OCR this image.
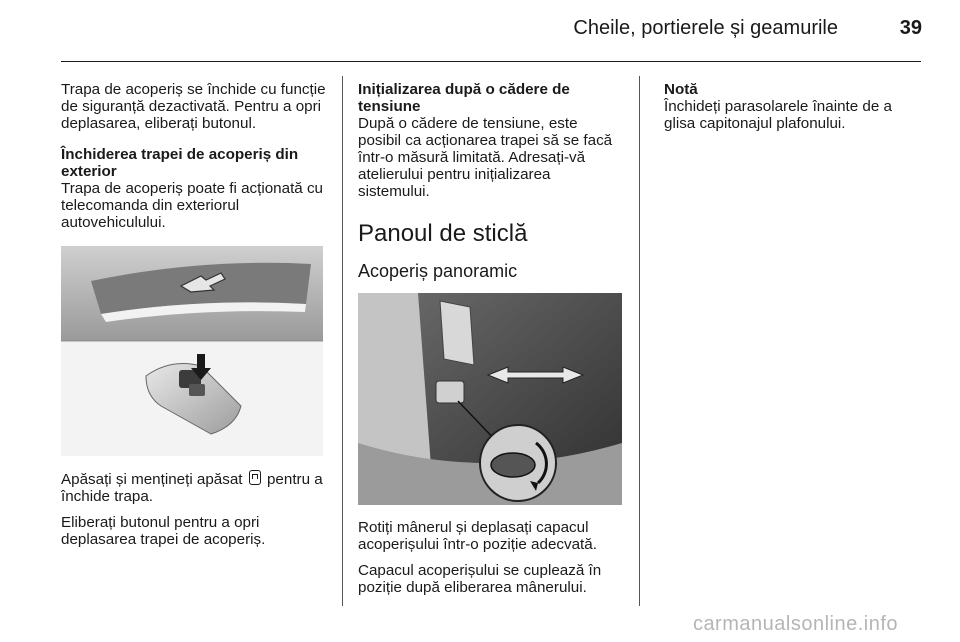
Cheile, portierele și geamurile	39

Trapa de acoperiș se închide cu funcție de siguranță dezactivată. Pentru a opri deplasarea, eliberați butonul.

Închiderea trapei de acoperiș din exterior

Trapa de acoperiș poate fi acționată cu telecomanda din exteriorul autovehiculului.

Apăsați și mențineți apăsat pentru a închide trapa.

Eliberați butonul pentru a opri deplasarea trapei de acoperiș.

Inițializarea după o cădere de tensiune

După o cădere de tensiune, este posibil ca acționarea trapei să se facă într-o măsură limitată. Adresați-vă atelierului pentru inițializarea sistemului.

Panoul de sticlă
Acoperiș panoramic

Rotiți mânerul și deplasați capacul acoperișului într-o poziție adecvată.

Capacul acoperișului se cuplează în poziție după eliberarea mânerului.

Notă

Închideți parasolarele înainte de a glisa capitonajul plafonului.

carmanualsonline.info
